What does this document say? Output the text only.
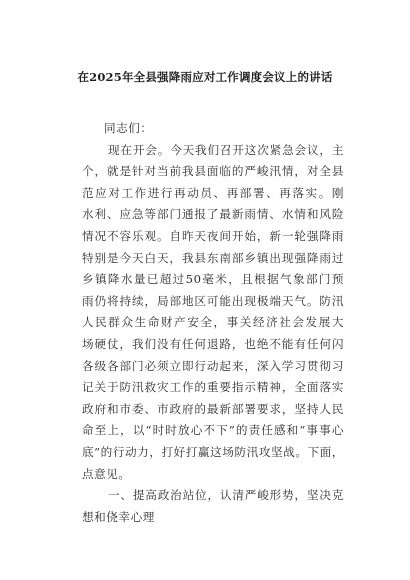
在2025年全县强降雨应对工作调度会议上的讲话
同志们：
现在开会。今天我们召开这次紧急会议，主
个，就是针对当前我县面临的严峻汛情，对全县
范应对工作进行再动员、再部署、再落实。刚
水利、应急等部门通报了最新雨情、水情和风险
情况不容乐观。自昨天夜间开始，新一轮强降雨
特别是今天白天，我县东南部乡镇出现强降雨过
乡镇降水量已超过50毫米，且根据气象部门预
雨仍将持续，局部地区可能出现极端天气。防汛
人民群众生命财产安全，事关经济社会发展大
场硬仗，我们没有任何退路，也绝不能有任何闪
各级各部门必须立即行动起来，深入学习贯彻习
记关于防汛救灾工作的重要指示精神，全面落实
政府和市委、市政府的最新部署要求，坚持人民
命至上，以“时时放心不下”的责任感和“事事心
底”的行动力，打好打赢这场防汛攻坚战。下面，
点意见。
一、提高政治站位，认清严峻形势，坚决克
想和侥幸心理
